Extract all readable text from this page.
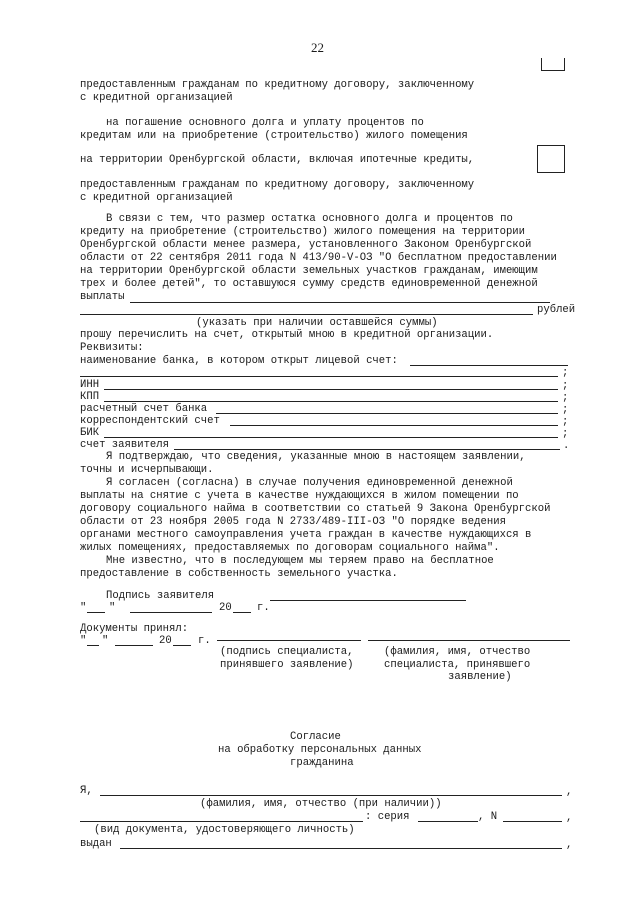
22
предоставленным гражданам по кредитному договору, заключенному
с кредитной организацией
на погашение основного долга и уплату процентов по
кредитам или на приобретение (строительство) жилого помещения
на территории Оренбургской области, включая ипотечные кредиты,
предоставленным гражданам по кредитному договору, заключенному
с кредитной организацией
В связи с тем, что размер остатка основного долга и процентов по
кредиту на приобретение (строительство) жилого помещения на территории
Оренбургской области менее размера, установленного Законом Оренбургской
области от 22 сентября 2011 года N 413/90-V-ОЗ "О бесплатном предоставлении
на территории Оренбургской области земельных участков гражданам, имеющим
трех и более детей", то оставшуюся сумму средств единовременной денежной
выплаты
рублей
(указать при наличии оставшейся суммы)
прошу перечислить на счет, открытый мною в кредитной организации.
Реквизиты:
наименование банка, в котором открыт лицевой счет:
;
ИНН	;
КПП	;
расчетный счет банка	;
корреспондентский счет	;
БИК	;
счет заявителя	.
Я подтверждаю, что сведения, указанные мною в настоящем заявлении,
точны и исчерпывающи.
Я согласен (согласна) в случае получения единовременной денежной
выплаты на снятие с учета в качестве нуждающихся в жилом помещении по
договору социального найма в соответствии со статьей 9 Закона Оренбургской
области от 23 ноября 2005 года N 2733/489-III-ОЗ "О порядке ведения
органами местного самоуправления учета граждан в качестве нуждающихся в
жилых помещениях, предоставляемых по договорам социального найма".
Мне известно, что в последующем мы теряем право на бесплатное
предоставление в собственность земельного участка.
Подпись заявителя
" "	20 г.
Документы принял:
" "	20 г.
(подпись специалиста,
принявшего заявление)
(фамилия, имя, отчество
специалиста, принявшего
заявление)
Согласие
на обработку персональных данных
гражданина
Я,	,
(фамилия, имя, отчество (при наличии))
: серия	, N	,
(вид документа, удостоверяющего личность)
выдан	,
